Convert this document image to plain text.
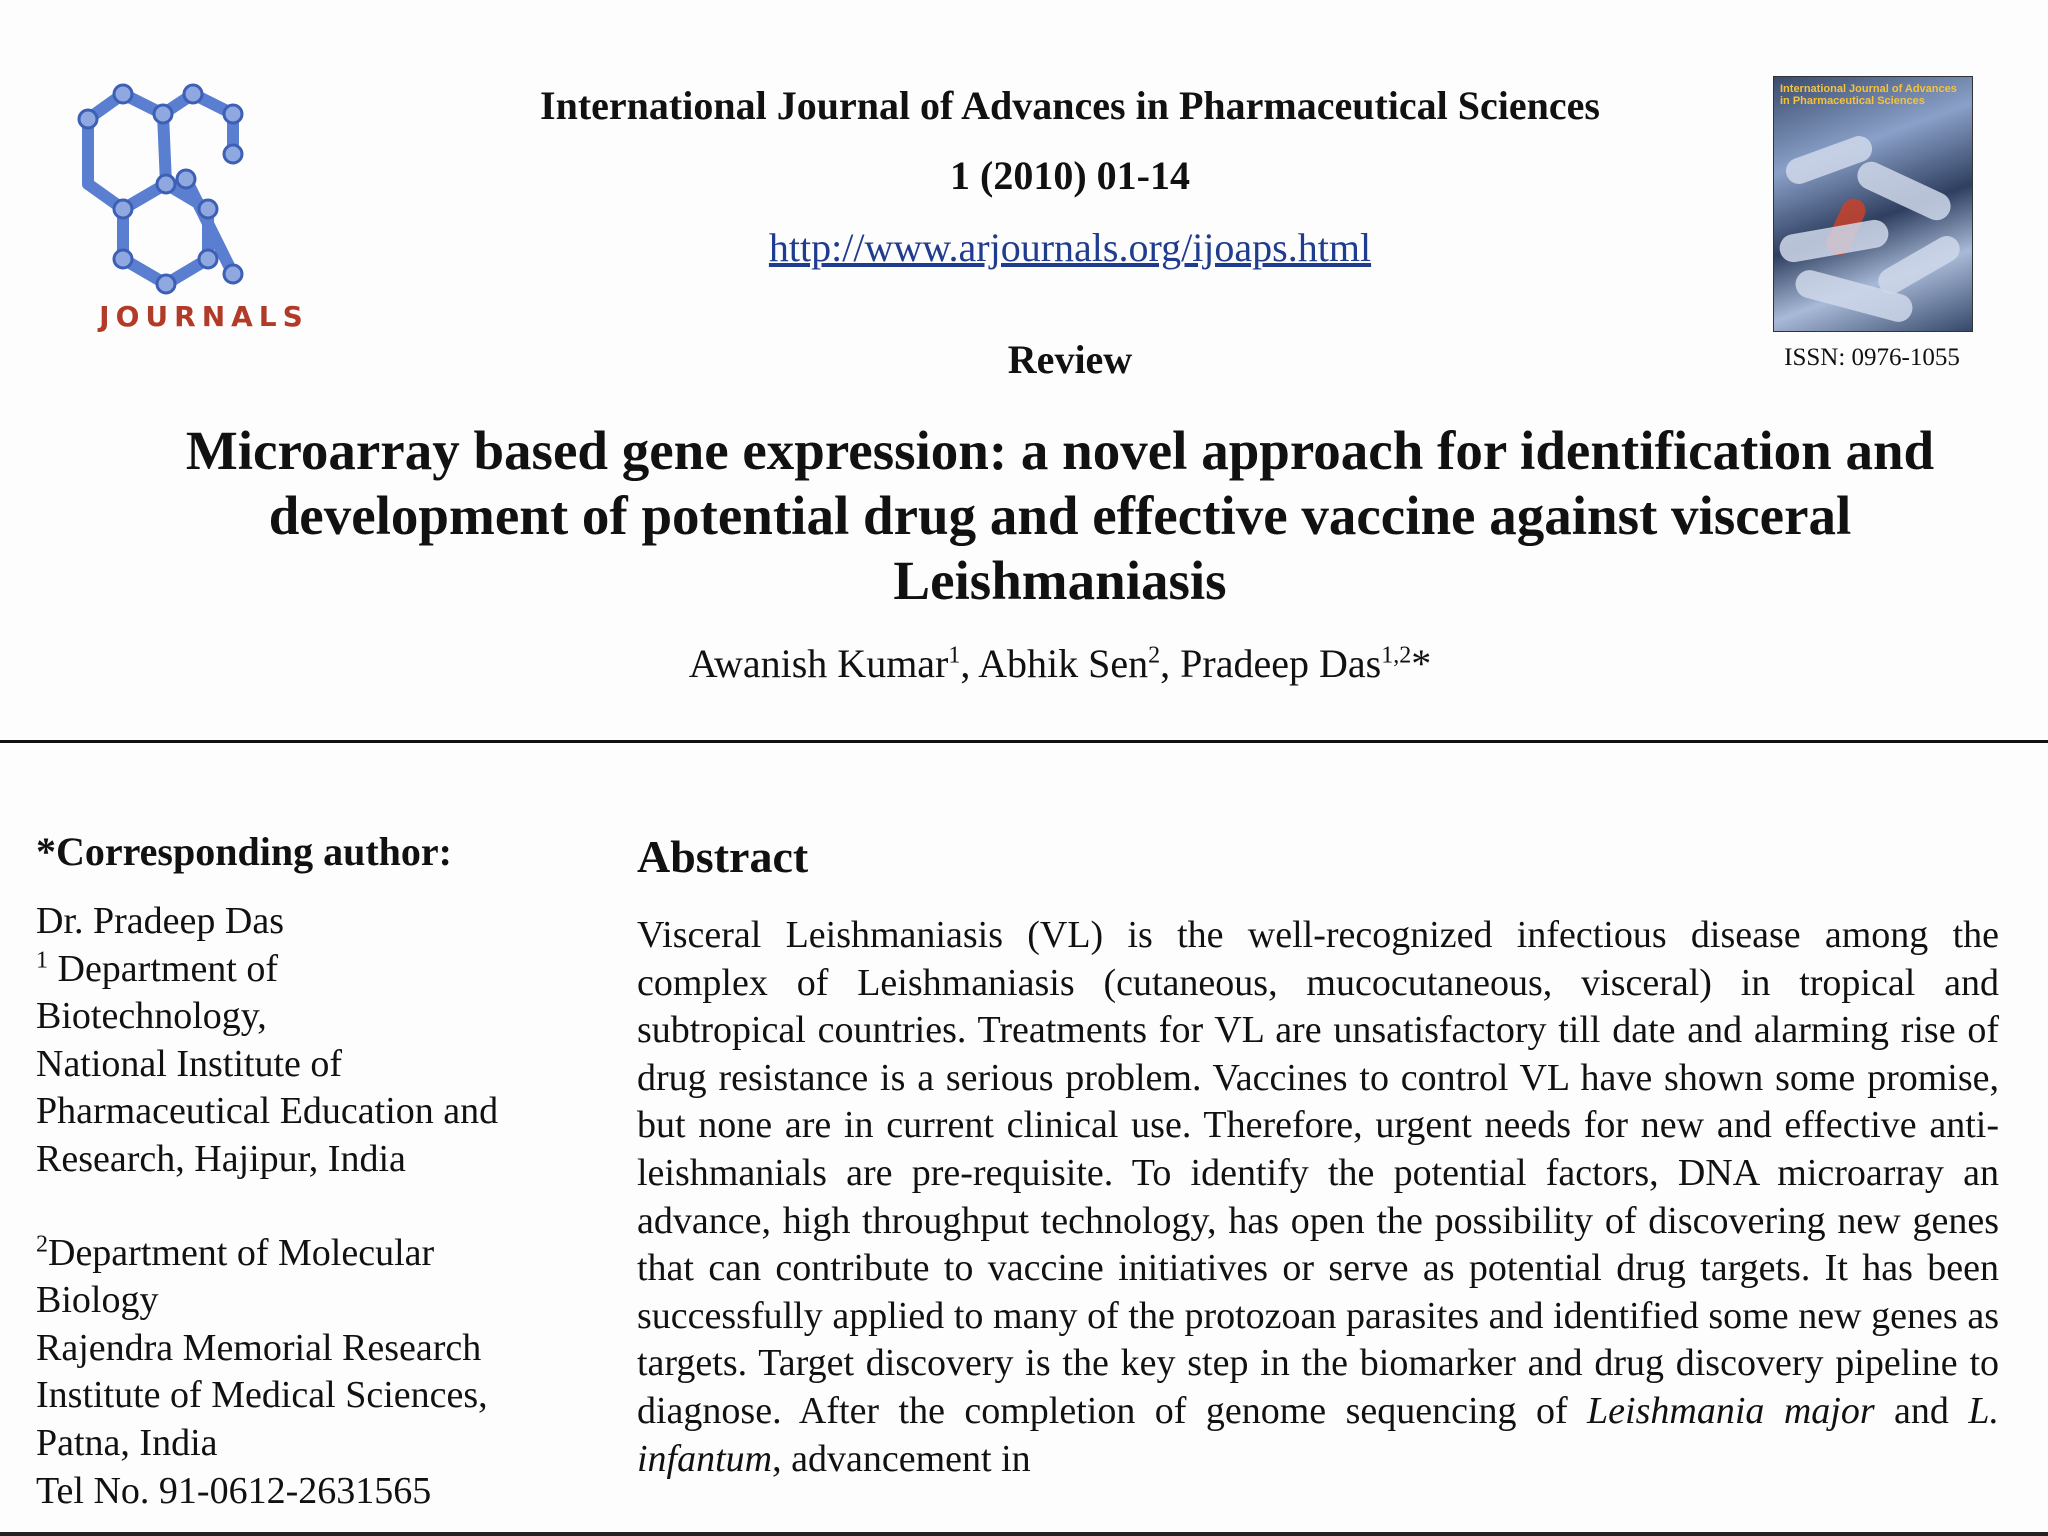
JOURNALS
International Journal of Advances in Pharmaceutical Sciences
1 (2010) 01-14
http://www.arjournals.org/ijoaps.html
Review
International Journal of Advances in Pharmaceutical Sciences
ISSN: 0976-1055
Microarray based gene expression: a novel approach for identification and development of potential drug and effective vaccine against visceral Leishmaniasis
Awanish Kumar$^1$, Abhik Sen$^2$, Pradeep Das$^{1,2}$*
*Corresponding author:

Dr. Pradeep Das

$^1$ Department of

Biotechnology,

National Institute of

Pharmaceutical Education and

Research, Hajipur, India

$^2$Department of Molecular

Biology

Rajendra Memorial Research

Institute of Medical Sciences,

Patna, India

Tel No. 91-0612-2631565

Abstract
Visceral Leishmaniasis (VL) is the well-recognized infectious disease among the complex of Leishmaniasis (cutaneous, mucocutaneous, visceral) in tropical and subtropical countries. Treatments for VL are unsatisfactory till date and alarming rise of drug resistance is a serious problem. Vaccines to control VL have shown some promise, but none are in current clinical use. Therefore, urgent needs for new and effective anti-leishmanials are pre-requisite. To identify the potential factors, DNA microarray an advance, high throughput technology, has open the possibility of discovering new genes that can contribute to vaccine initiatives or serve as potential drug targets. It has been successfully applied to many of the protozoan parasites and identified some new genes as targets. Target discovery is the key step in the biomarker and drug discovery pipeline to diagnose. After the completion of genome sequencing of Leishmania major and L. infantum, advancement in
